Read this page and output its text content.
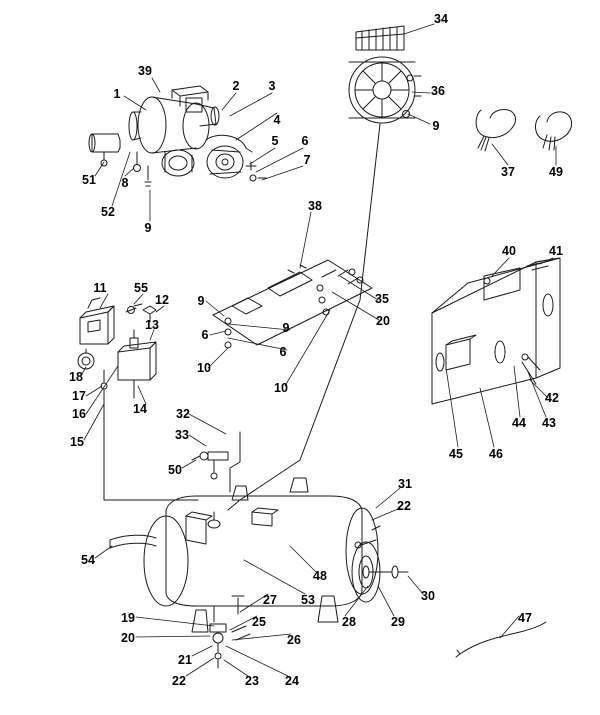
34
39
1
2 3	36
4	9
5 6
7
51 8
37	49
52
9
38
40	41
11 55
12 9	35
13
6	9	20
6
18
10
17
16	14
10
15
42
44 43
32
33
45 46
50
31
22
54
48
30
27 53
19	28	29
25	47
20	26
21
22	23 24
